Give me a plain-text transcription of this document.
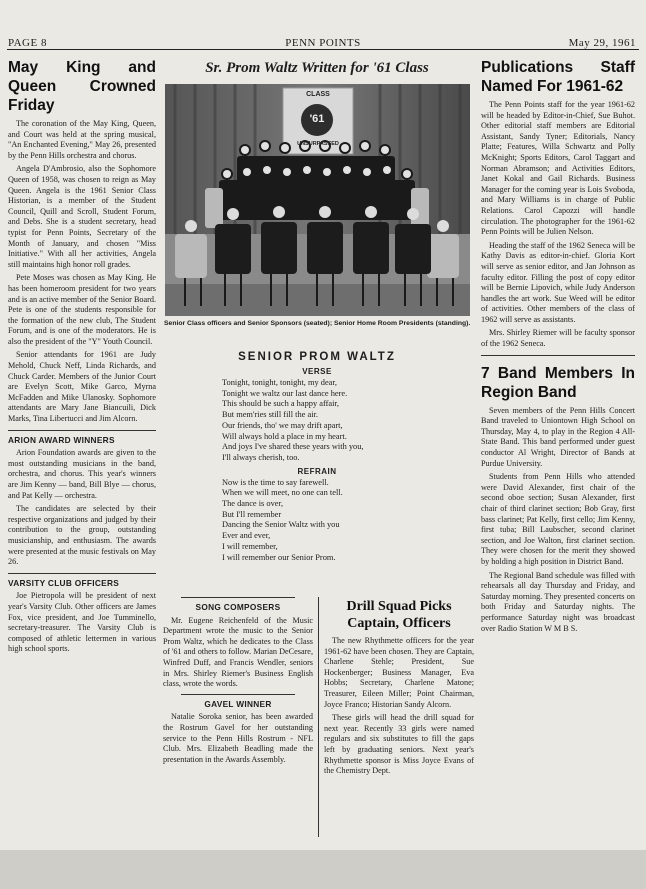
PAGE 8	PENN POINTS	May 29, 1961
May King and Queen Crowned Friday

The coronation of the May King, Queen, and Court was held at the spring musical, "An Enchanted Evening," May 26, presented by the Penn Hills orchestra and chorus.

Angela D'Ambrosio, also the Sophomore Queen of 1958, was chosen to reign as May Queen. Angela is the 1961 Senior Class Historian, is a member of the Student Council, Quill and Scroll, Student Forum, and Debs. She is a student secretary, head typist for Penn Points, Secretary of the Month of January, and chosen "Miss Initiative." With all her activities, Angela still maintains high honor roll grades.

Pete Moses was chosen as May King. He has been homeroom president for two years and is an active member of the Senior Board. Pete is one of the students responsible for the formation of the new club, The Student Forum, and is one of the moderators. He is also the president of the "Y" Youth Council.

Senior attendants for 1961 are Judy Mehold, Chuck Neff, Linda Richards, and Chuck Carder. Members of the Junior Court are Evelyn Scott, Mike Garco, Myrna McFadden and Mike Ulanosky. Sophomore attendants are Mary Jane Biancuili, Dick Marks, Tina Libertucci and Jim Alcorn.

ARION AWARD WINNERS

Arion Foundation awards are given to the most outstanding musicians in the band, orchestra, and chorus. This year's winners are Jim Kenny — band, Bill Blye — chorus, and Pat Kelly — orchestra.

The candidates are selected by their respective organizations and judged by their contribution to the group, outstanding musicianship, and enthusiasm. The awards were presented at the music festivals on May 26.

VARSITY CLUB OFFICERS

Joe Pietropola will be president of next year's Varsity Club. Other officers are James Fox, vice president, and Joe Tumminello, secretary-treasurer. The Varsity Club is composed of athletic lettermen in various high school sports.

Sr. Prom Waltz Written for '61 Class
CLASS
'61
UNSURPASSED
Senior Class officers and Senior Sponsors (seated); Senior Home Room Presidents (standing).
SENIOR PROM WALTZ
VERSE
Tonight, tonight, tonight, my dear,
Tonight we waltz our last dance here.
This should be such a happy affair,
But mem'ries still fill the air.
Our friends, tho' we may drift apart,
Will always hold a place in my heart.
And joys I've shared these years with you,
I'll always cherish, too.
REFRAIN
Now is the time to say farewell.
When we will meet, no one can tell.
The dance is over,
But I'll remember
Dancing the Senior Waltz with you
Ever and ever,
I will remember,
I will remember our Senior Prom.
SONG COMPOSERS

Mr. Eugene Reichenfeld of the Music Department wrote the music to the Senior Prom Waltz, which he dedicates to the Class of '61 and others to follow. Marian DeCesare, Winfred Duff, and Francis Wendler, seniors in Mrs. Shirley Riemer's Business English class, wrote the words.

GAVEL WINNER

Natalie Soroka senior, has been awarded the Rostrum Gavel for her outstanding service to the Penn Hills Rostrum - NFL Club. Mrs. Elizabeth Beadling made the presentation in the Awards Assembly.

Drill Squad Picks Captain, Officers

The new Rhythmette officers for the year 1961-62 have been chosen. They are Captain, Charlene Stehle; President, Sue Hockenberger; Business Manager, Eva Hobbs; Secretary, Charlene Matone; Treasurer, Eileen Miller; Point Chairman, Joyce Franco; Historian Sandy Alcorn.

These girls will head the drill squad for next year. Recently 33 girls were named regulars and six substitutes to fill the gaps left by graduating seniors. Next year's Rhythmette sponsor is Miss Joyce Evans of the Chemistry Dept.

Publications Staff Named For 1961-62

The Penn Points staff for the year 1961-62 will be headed by Editor-in-Chief, Sue Buhot. Other editorial staff members are Editorial Assistant, Sandy Tyner; Editorials, Nancy Platte; Features, Willa Schwartz and Polly McKnight; Sports Editors, Carol Taggart and Norman Abramson; and Activities Editors, Janet Kokal and Gail Richards. Business Manager for the coming year is Lois Svoboda, and Mary Williams is in charge of Public Relations. Carol Capozzi will handle circulation. The photographer for the 1961-62 Penn Points will be Julien Nelson.

Heading the staff of the 1962 Seneca will be Kathy Davis as editor-in-chief. Gloria Kort will serve as senior editor, and Jan Johnson as faculty editor. Filling the post of copy editor will be Bernie Lipovich, while Judy Anderson handles the art work. Sue Weed will be editor of activities. Other members of the class of 1962 will serve as assistants.

Mrs. Shirley Riemer will be faculty sponsor of the 1962 Seneca.

7 Band Members In Region Band

Seven members of the Penn Hills Concert Band traveled to Uniontown High School on Thursday, May 4, to play in the Region 4 All-State Band. This band performed under guest conductor Al Wright, Director of Bands at Purdue University.

Students from Penn Hills who attended were David Alexander, first chair of the second oboe section; Susan Alexander, first chair of third clarinet section; Bob Gray, first bass clarinet; Pat Kelly, first cello; Jim Kenny, first tuba; Bill Laubscher, second clarinet section, and Joe Walton, first clarinet section. They were chosen for the merit they showed by holding a high position in District Band.

The Regional Band schedule was filled with rehearsals all day Thursday and Friday, and Saturday morning. They presented concerts on both Friday and Saturday nights. The performance Saturday night was broadcast over Radio Station W M B S.
